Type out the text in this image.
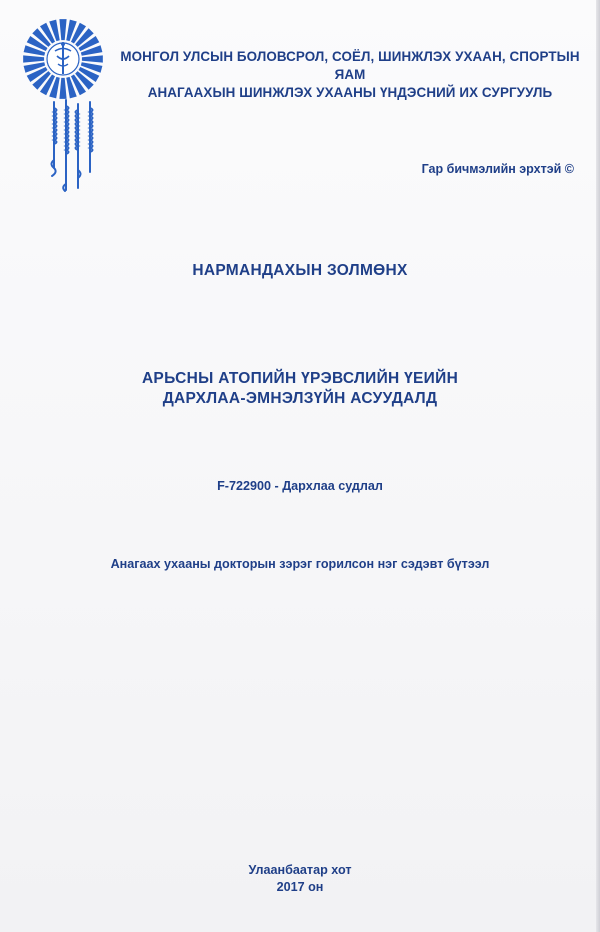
МОНГОЛ УЛСЫН БОЛОВСРОЛ, СОЁЛ, ШИНЖЛЭХ УХААН, СПОРТЫН ЯАМ
АНАГААХЫН ШИНЖЛЭХ УХААНЫ ҮНДЭСНИЙ ИХ СУРГУУЛЬ
Гар бичмэлийн эрхтэй ©
НАРМАНДАХЫН ЗОЛМӨНХ
АРЬСНЫ АТОПИЙН ҮРЭВСЛИЙН ҮЕИЙН
ДАРХЛАА-ЭМНЭЛЗҮЙН АСУУДАЛД
F-722900 - Дархлаа судлал
Анагаах ухааны докторын зэрэг горилсон нэг сэдэвт бүтээл
Улаанбаатар хот
2017 он
